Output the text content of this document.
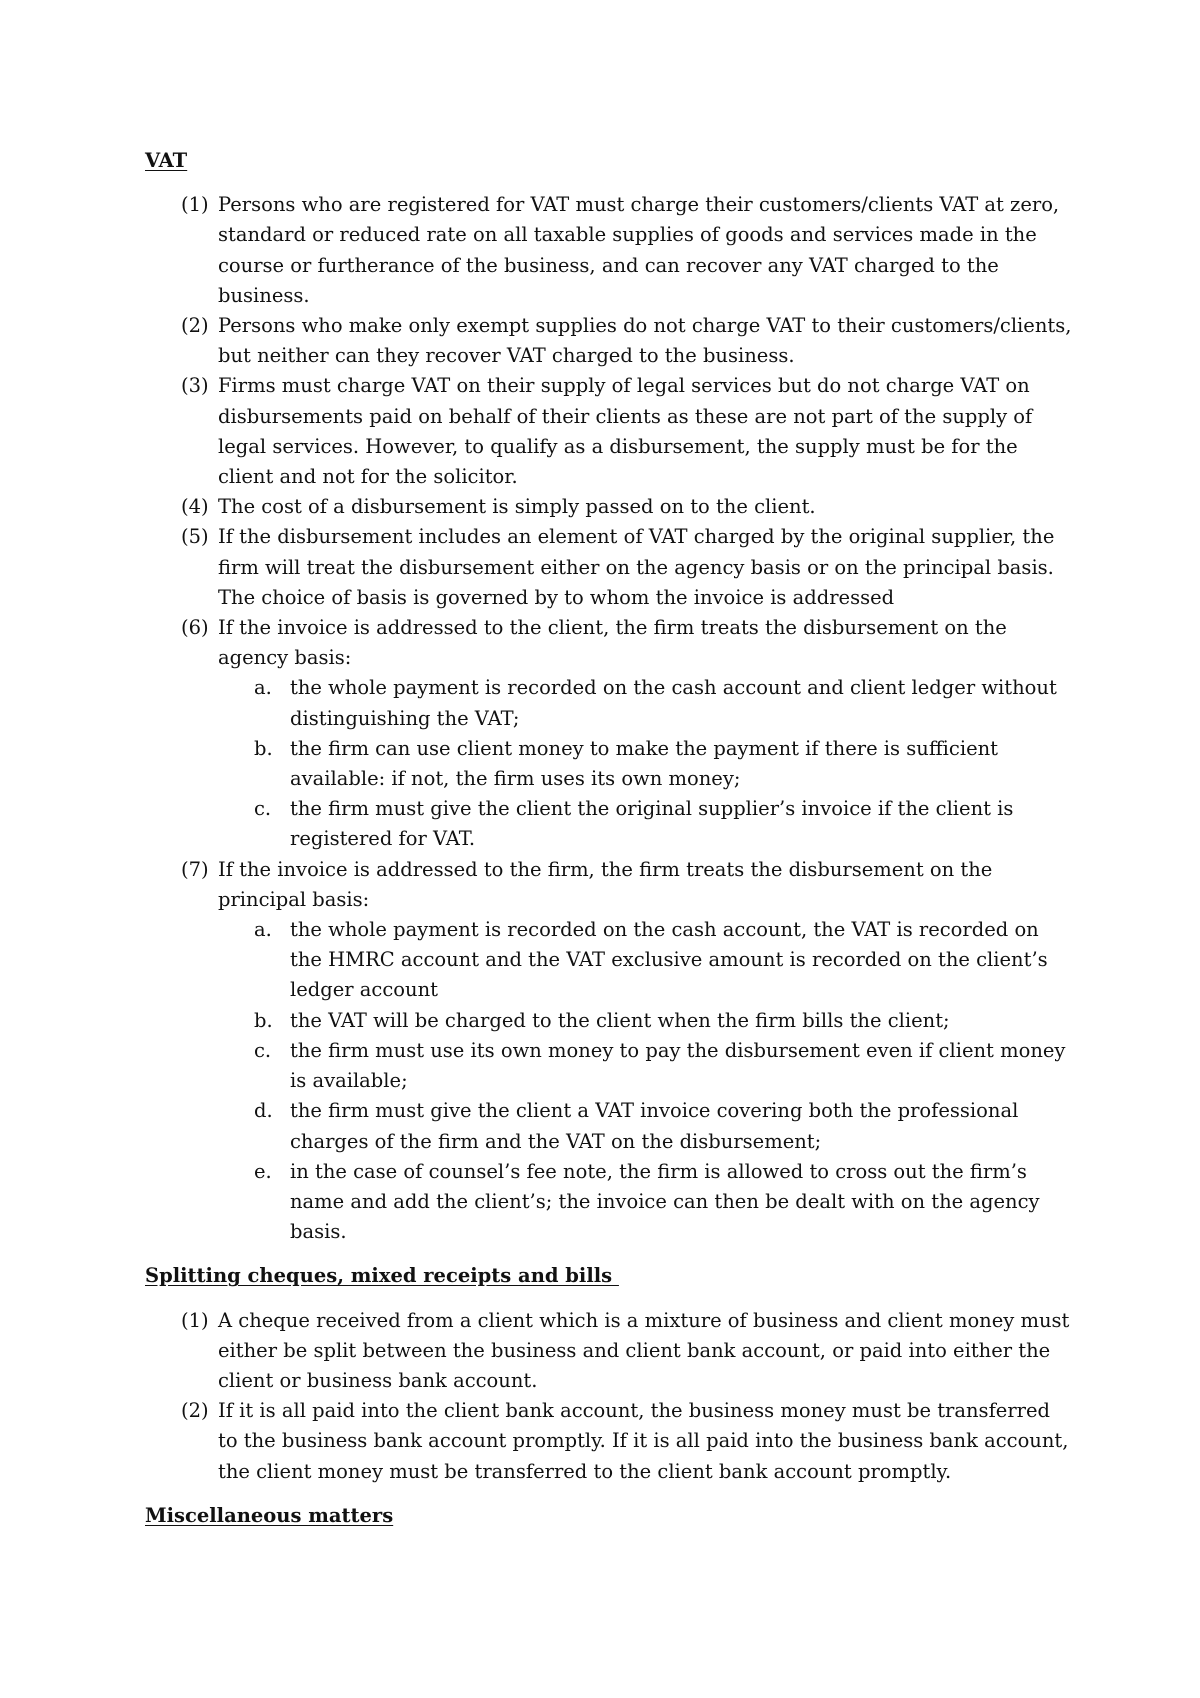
VAT

(1) Persons who are registered for VAT must charge their customers/clients VAT at zero, standard or reduced rate on all taxable supplies of goods and services made in the course or furtherance of the business, and can recover any VAT charged to the business.
(2) Persons who make only exempt supplies do not charge VAT to their customers/clients, but neither can they recover VAT charged to the business.
(3) Firms must charge VAT on their supply of legal services but do not charge VAT on disbursements paid on behalf of their clients as these are not part of the supply of legal services. However, to qualify as a disbursement, the supply must be for the client and not for the solicitor.
(4) The cost of a disbursement is simply passed on to the client.
(5) If the disbursement includes an element of VAT charged by the original supplier, the firm will treat the disbursement either on the agency basis or on the principal basis. The choice of basis is governed by to whom the invoice is addressed
(6) If the invoice is addressed to the client, the firm treats the disbursement on the agency basis:
a. the whole payment is recorded on the cash account and client ledger without distinguishing the VAT;
b. the firm can use client money to make the payment if there is sufficient available: if not, the firm uses its own money;
c. the firm must give the client the original supplier’s invoice if the client is registered for VAT.
(7) If the invoice is addressed to the firm, the firm treats the disbursement on the principal basis:
a. the whole payment is recorded on the cash account, the VAT is recorded on the HMRC account and the VAT exclusive amount is recorded on the client’s ledger account
b. the VAT will be charged to the client when the firm bills the client;
c. the firm must use its own money to pay the disbursement even if client money is available;
d. the firm must give the client a VAT invoice covering both the professional charges of the firm and the VAT on the disbursement;
e. in the case of counsel’s fee note, the firm is allowed to cross out the firm’s name and add the client’s; the invoice can then be dealt with on the agency basis.

Splitting cheques, mixed receipts and bills

(1) A cheque received from a client which is a mixture of business and client money must either be split between the business and client bank account, or paid into either the client or business bank account.
(2) If it is all paid into the client bank account, the business money must be transferred to the business bank account promptly. If it is all paid into the business bank account, the client money must be transferred to the client bank account promptly.

Miscellaneous matters
